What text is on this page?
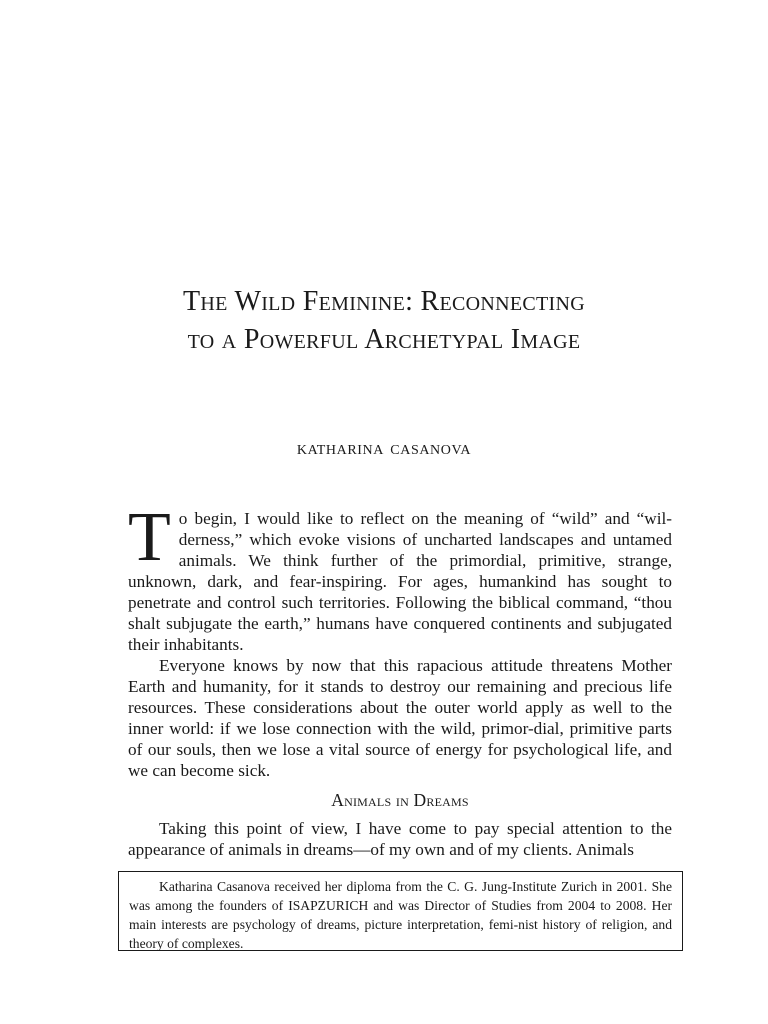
The Wild Feminine: Reconnecting
to a Powerful Archetypal Image
KATHARINA CASANOVA

To begin, I would like to reflect on the meaning of “wild” and “wil-derness,” which evoke visions of uncharted landscapes and untamed animals. We think further of the primordial, primitive, strange, unknown, dark, and fear-inspiring. For ages, humankind has sought to penetrate and control such territories. Following the biblical command, “thou shalt subjugate the earth,” humans have conquered continents and subjugated their inhabitants.

Everyone knows by now that this rapacious attitude threatens Mother Earth and humanity, for it stands to destroy our remaining and precious life resources. These considerations about the outer world apply as well to the inner world: if we lose connection with the wild, primor-dial, primitive parts of our souls, then we lose a vital source of energy for psychological life, and we can become sick.

Animals in Dreams

Taking this point of view, I have come to pay special attention to the appearance of animals in dreams—of my own and of my clients. Animals

Katharina Casanova received her diploma from the C. G. Jung-Institute Zurich in 2001. She was among the founders of ISAPZURICH and was Director of Studies from 2004 to 2008. Her main interests are psychology of dreams, picture interpretation, femi-nist history of religion, and theory of complexes.
